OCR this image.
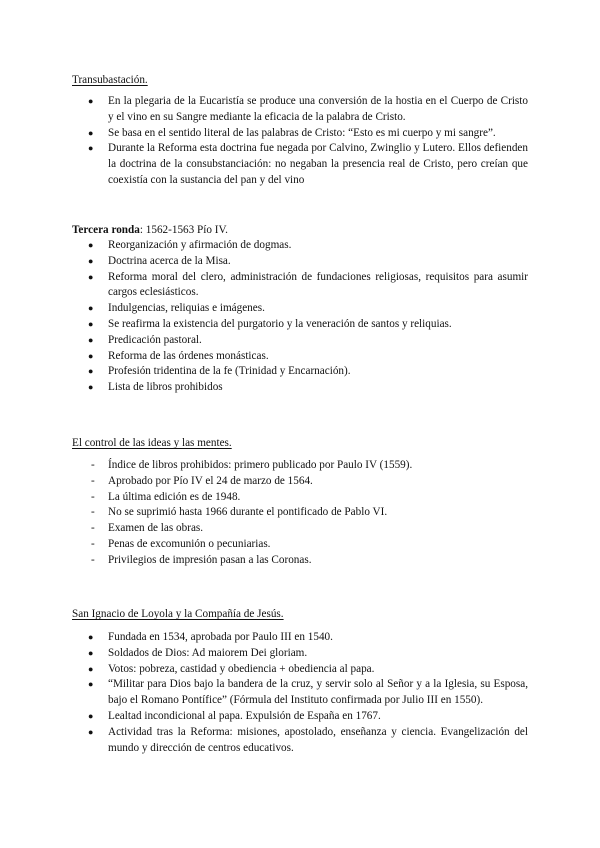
Transubastación.
● En la plegaria de la Eucaristía se produce una conversión de la hostia en el Cuerpo de Cristo y el vino en su Sangre mediante la eficacia de la palabra de Cristo.
● Se basa en el sentido literal de las palabras de Cristo: “Esto es mi cuerpo y mi sangre”.
● Durante la Reforma esta doctrina fue negada por Calvino, Zwinglio y Lutero. Ellos defienden la doctrina de la consubstanciación: no negaban la presencia real de Cristo, pero creían que coexistía con la sustancia del pan y del vino
Tercera ronda: 1562-1563 Pío IV.
● Reorganización y afirmación de dogmas.
● Doctrina acerca de la Misa.
● Reforma moral del clero, administración de fundaciones religiosas, requisitos para asumir cargos eclesiásticos.
● Indulgencias, reliquias e imágenes.
● Se reafirma la existencia del purgatorio y la veneración de santos y reliquias.
● Predicación pastoral.
● Reforma de las órdenes monásticas.
● Profesión tridentina de la fe (Trinidad y Encarnación).
● Lista de libros prohibidos
El control de las ideas y las mentes.
- Índice de libros prohibidos: primero publicado por Paulo IV (1559).
- Aprobado por Pío IV el 24 de marzo de 1564.
- La última edición es de 1948.
- No se suprimió hasta 1966 durante el pontificado de Pablo VI.
- Examen de las obras.
- Penas de excomunión o pecuniarias.
- Privilegios de impresión pasan a las Coronas.
San Ignacio de Loyola y la Compañía de Jesús.
● Fundada en 1534, aprobada por Paulo III en 1540.
● Soldados de Dios: Ad maiorem Dei gloriam.
● Votos: pobreza, castidad y obediencia + obediencia al papa.
● “Militar para Dios bajo la bandera de la cruz, y servir solo al Señor y a la Iglesia, su Esposa, bajo el Romano Pontífice” (Fórmula del Instituto confirmada por Julio III en 1550).
● Lealtad incondicional al papa. Expulsión de España en 1767.
● Actividad tras la Reforma: misiones, apostolado, enseñanza y ciencia. Evangelización del mundo y dirección de centros educativos.
